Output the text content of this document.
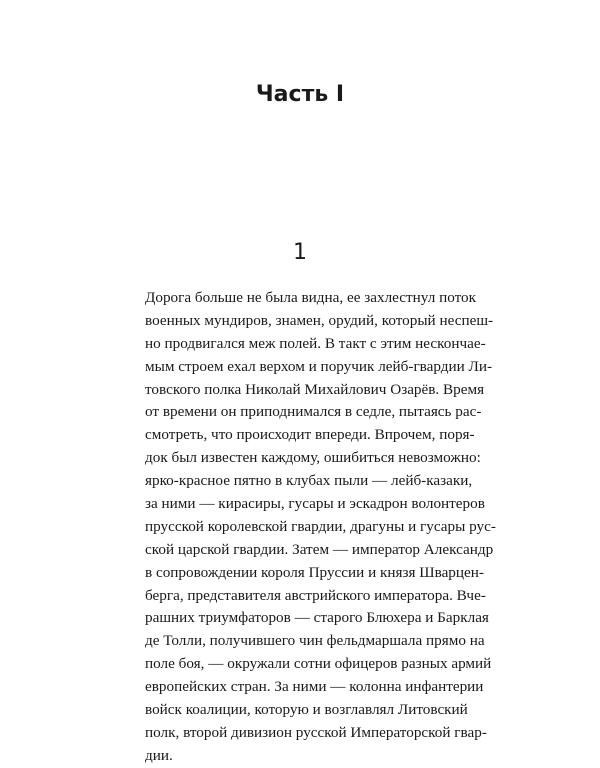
Часть I
1
Дорога больше не была видна, ее захлестнул поток
военных мундиров, знамен, орудий, который неспеш-
но продвигался меж полей. В такт с этим нескончае-
мым строем ехал верхом и поручик лейб-гвардии Ли-
товского полка Николай Михайлович Озарёв. Время
от времени он приподнимался в седле, пытаясь рас-
смотреть, что происходит впереди. Впрочем, поря-
док был известен каждому, ошибиться невозможно:
ярко-красное пятно в клубах пыли — лейб-казаки,
за ними — кирасиры, гусары и эскадрон волонтеров
прусской королевской гвардии, драгуны и гусары рус-
ской царской гвардии. Затем — император Александр
в сопровождении короля Пруссии и князя Шварцен-
берга, представителя австрийского императора. Вче-
рашних триумфаторов — старого Блюхера и Барклая
де Толли, получившего чин фельдмаршала прямо на
поле боя, — окружали сотни офицеров разных армий
европейских стран. За ними — колонна инфантерии
войск коалиции, которую и возглавлял Литовский
полк, второй дивизион русской Императорской гвар-
дии.
